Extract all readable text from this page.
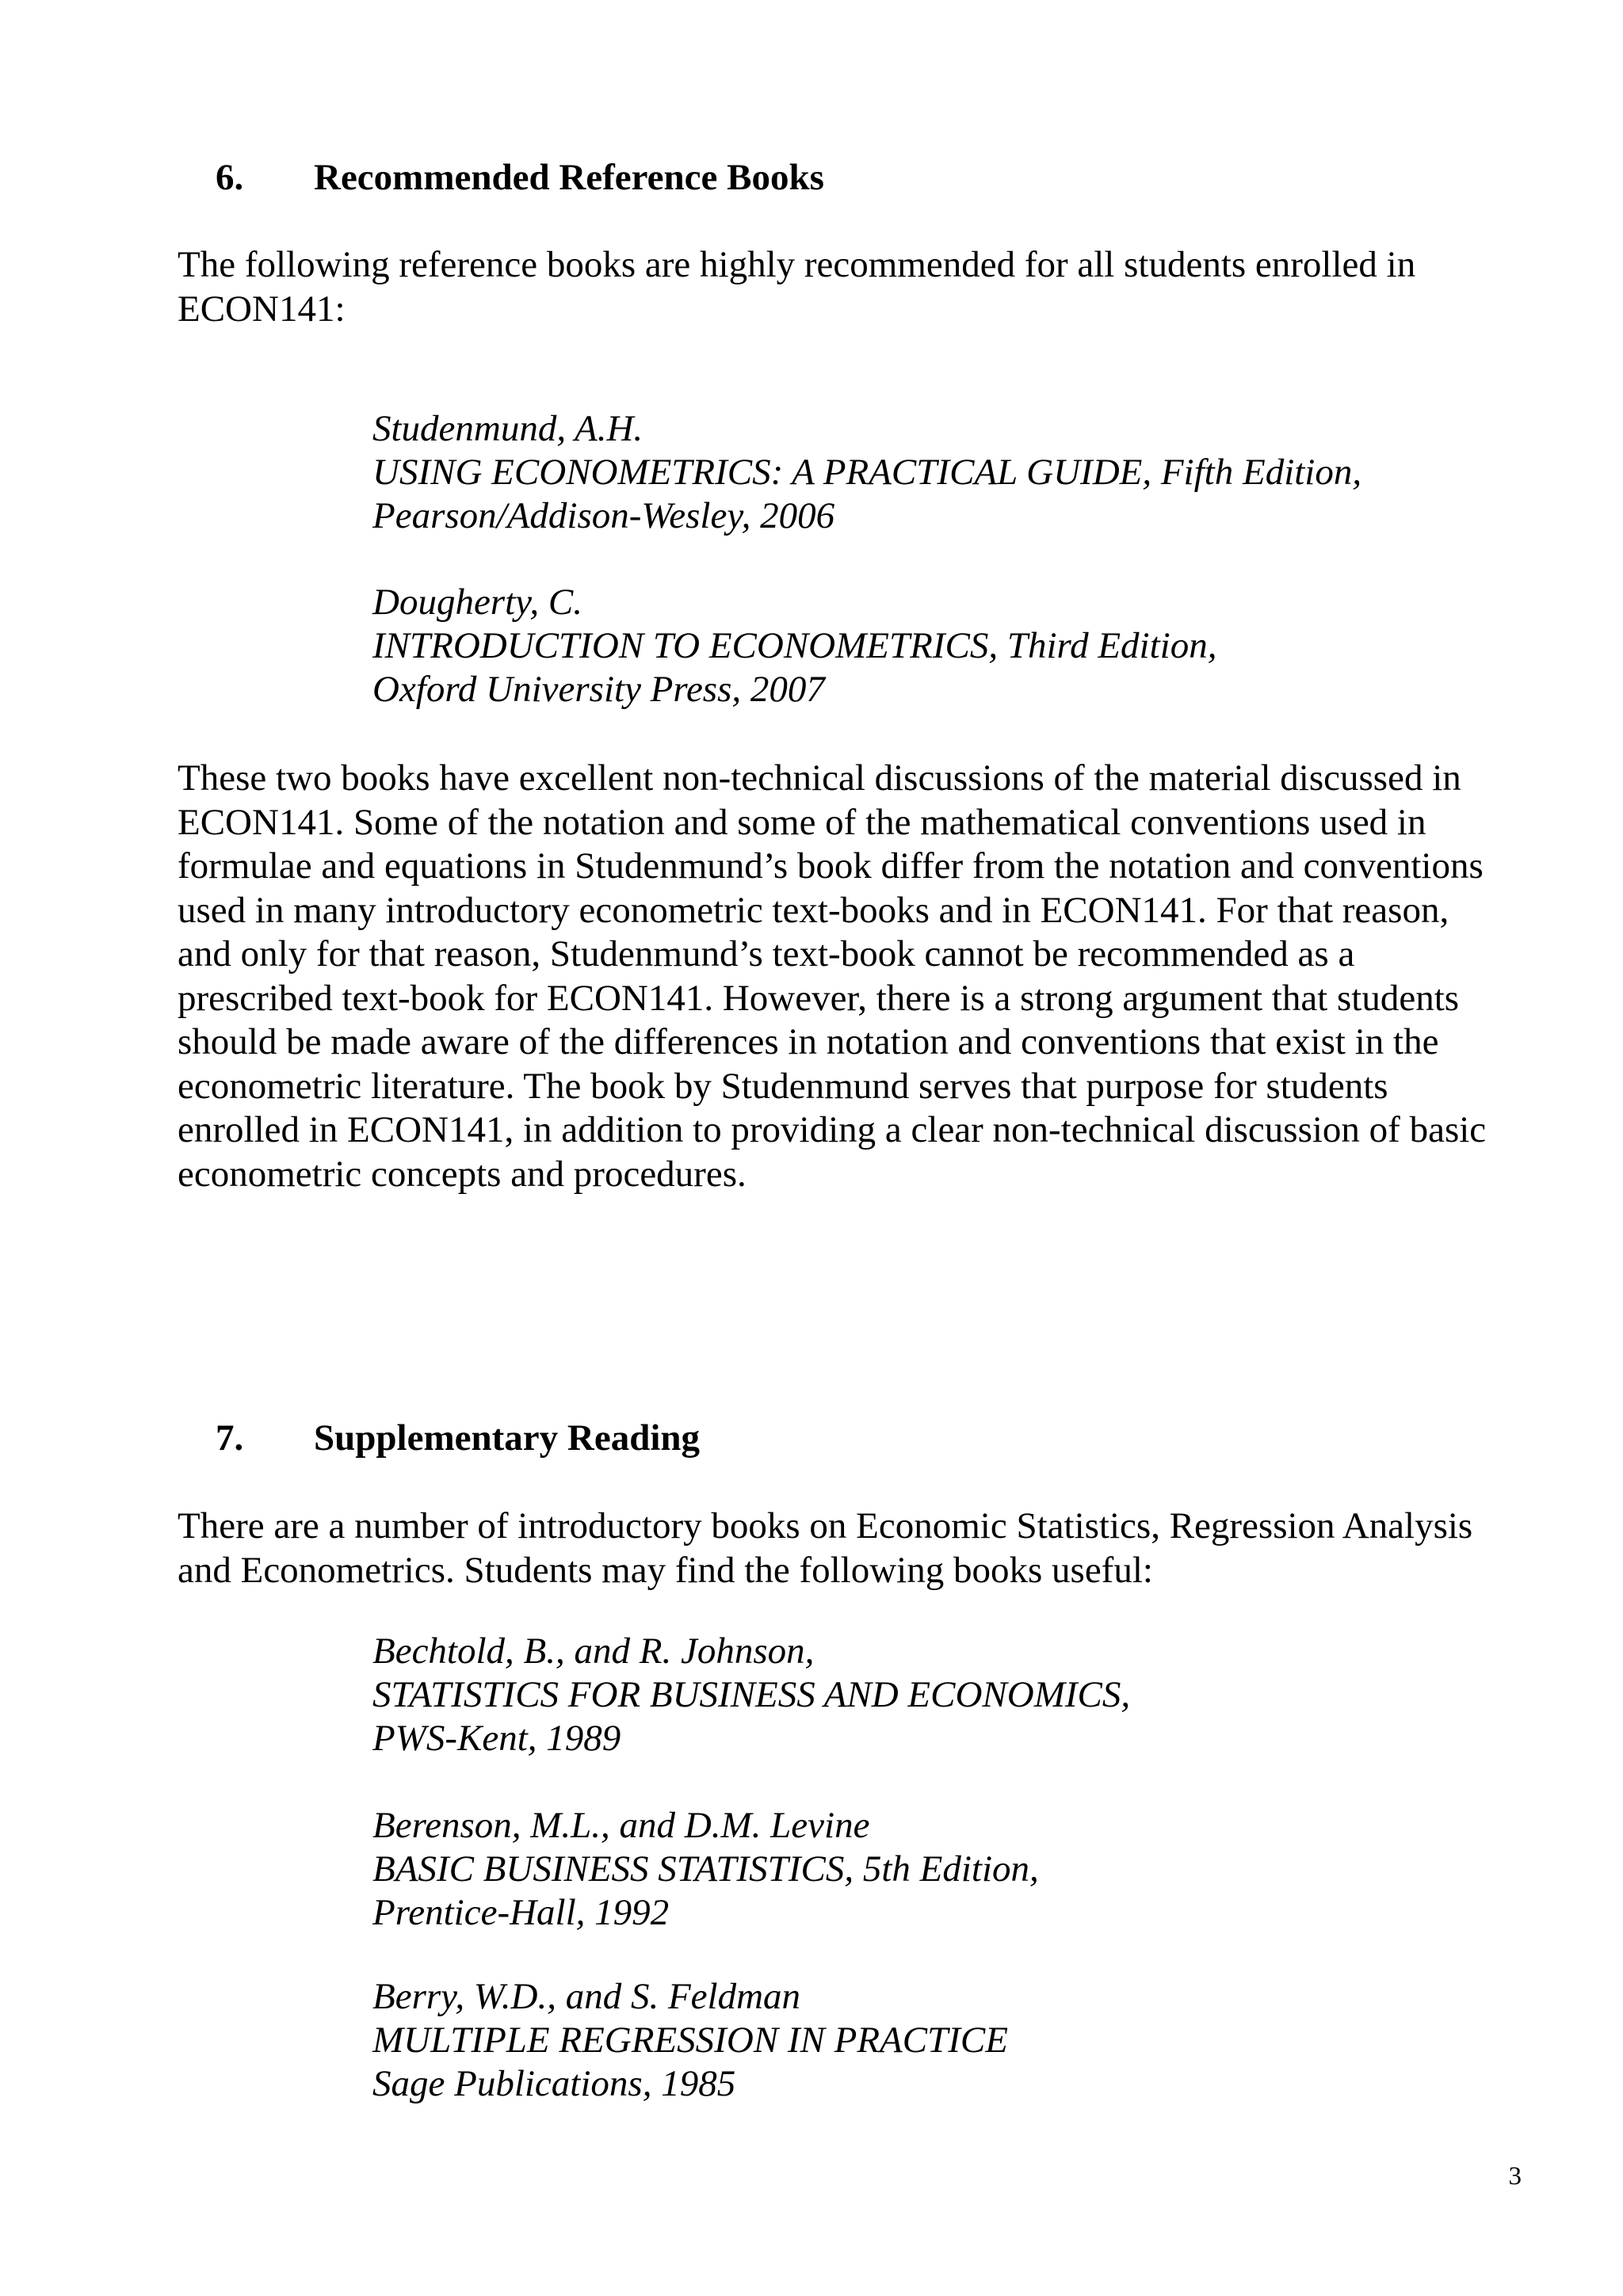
6. Recommended Reference Books

The following reference books are highly recommended for all students enrolled in
ECON141:

Studenmund, A.H.
USING ECONOMETRICS: A PRACTICAL GUIDE, Fifth Edition,
Pearson/Addison-Wesley, 2006

Dougherty, C.
INTRODUCTION TO ECONOMETRICS, Third Edition,
Oxford University Press, 2007

These two books have excellent non-technical discussions of the material discussed in
ECON141. Some of the notation and some of the mathematical conventions used in
formulae and equations in Studenmund’s book differ from the notation and conventions
used in many introductory econometric text-books and in ECON141. For that reason,
and only for that reason, Studenmund’s text-book cannot be recommended as a
prescribed text-book for ECON141. However, there is a strong argument that students
should be made aware of the differences in notation and conventions that exist in the
econometric literature. The book by Studenmund serves that purpose for students
enrolled in ECON141, in addition to providing a clear non-technical discussion of basic
econometric concepts and procedures.

7. Supplementary Reading

There are a number of introductory books on Economic Statistics, Regression Analysis
and Econometrics. Students may find the following books useful:

Bechtold, B., and R. Johnson,
STATISTICS FOR BUSINESS AND ECONOMICS,
PWS-Kent, 1989

Berenson, M.L., and D.M. Levine
BASIC BUSINESS STATISTICS, 5th Edition,
Prentice-Hall, 1992

Berry, W.D., and S. Feldman
MULTIPLE REGRESSION IN PRACTICE
Sage Publications, 1985

3
